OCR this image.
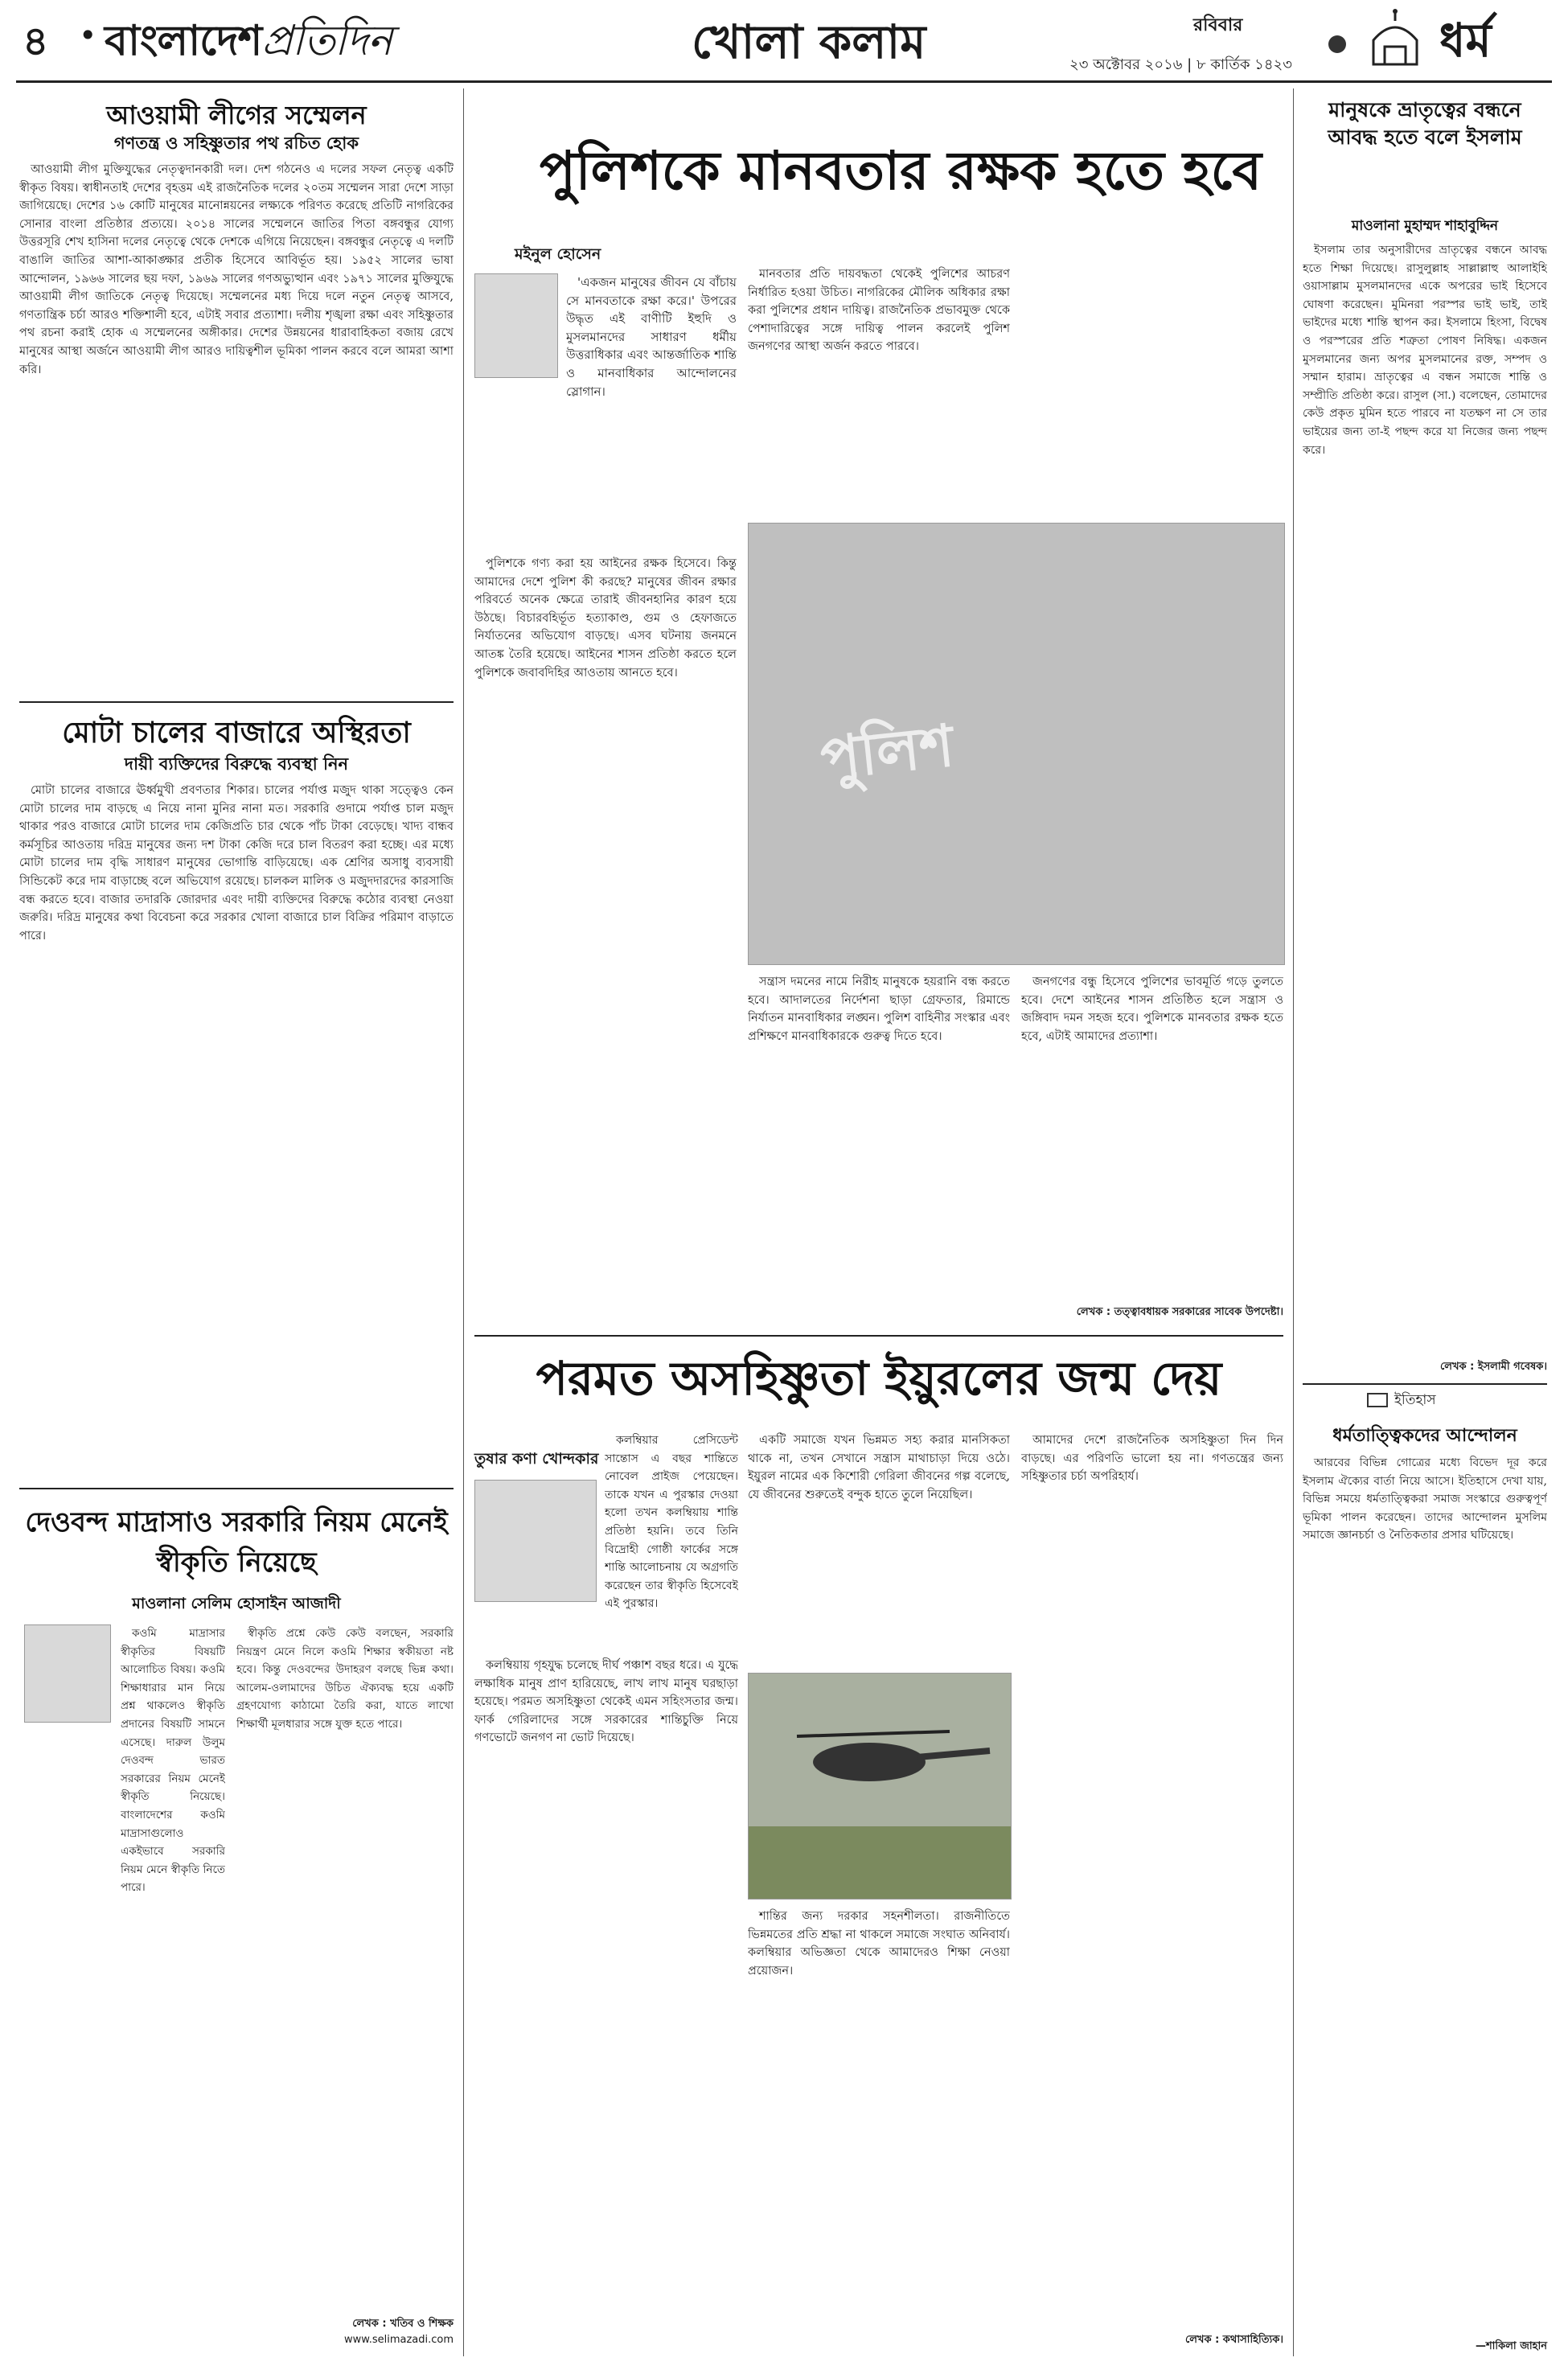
৪ • বাংলাদেশপ্রতিদিন	খোলা কলাম	রবিবার
২৩ অক্টোবর ২০১৬ | ৮ কার্তিক ১৪২৩	ধর্ম
আওয়ামী লীগের সম্মেলন
গণতন্ত্র ও সহিষ্ণুতার পথ রচিত হোক

আওয়ামী লীগ মুক্তিযুদ্ধের নেতৃত্বদানকারী দল। দেশ গঠনেও এ দলের সফল নেতৃত্ব একটি স্বীকৃত বিষয়। স্বাধীনতাই দেশের বৃহত্তম এই রাজনৈতিক দলের ২০তম সম্মেলন সারা দেশে সাড়া জাগিয়েছে। দেশের ১৬ কোটি মানুষের মানোন্নয়নের লক্ষ্যকে পরিণত করেছে প্রতিটি নাগরিকের সোনার বাংলা প্রতিষ্ঠার প্রত্যয়ে। ২০১৪ সালের সম্মেলনে জাতির পিতা বঙ্গবন্ধুর যোগ্য উত্তরসূরি শেখ হাসিনা দলের নেতৃত্বে থেকে দেশকে এগিয়ে নিয়েছেন। বঙ্গবন্ধুর নেতৃত্বে এ দলটি বাঙালি জাতির আশা-আকাঙ্ক্ষার প্রতীক হিসেবে আবির্ভূত হয়। ১৯৫২ সালের ভাষা আন্দোলন, ১৯৬৬ সালের ছয় দফা, ১৯৬৯ সালের গণঅভ্যুত্থান এবং ১৯৭১ সালের মুক্তিযুদ্ধে আওয়ামী লীগ জাতিকে নেতৃত্ব দিয়েছে। সম্মেলনের মধ্য দিয়ে দলে নতুন নেতৃত্ব আসবে, গণতান্ত্রিক চর্চা আরও শক্তিশালী হবে, এটাই সবার প্রত্যাশা। দলীয় শৃঙ্খলা রক্ষা এবং সহিষ্ণুতার পথ রচনা করাই হোক এ সম্মেলনের অঙ্গীকার। দেশের উন্নয়নের ধারাবাহিকতা বজায় রেখে মানুষের আস্থা অর্জনে আওয়ামী লীগ আরও দায়িত্বশীল ভূমিকা পালন করবে বলে আমরা আশা করি।

মোটা চালের বাজারে অস্থিরতা
দায়ী ব্যক্তিদের বিরুদ্ধে ব্যবস্থা নিন

মোটা চালের বাজারে ঊর্ধ্বমুখী প্রবণতার শিকার। চালের পর্যাপ্ত মজুদ থাকা সত্ত্বেও কেন মোটা চালের দাম বাড়ছে এ নিয়ে নানা মুনির নানা মত। সরকারি গুদামে পর্যাপ্ত চাল মজুদ থাকার পরও বাজারে মোটা চালের দাম কেজিপ্রতি চার থেকে পাঁচ টাকা বেড়েছে। খাদ্য বান্ধব কর্মসূচির আওতায় দরিদ্র মানুষের জন্য দশ টাকা কেজি দরে চাল বিতরণ করা হচ্ছে। এর মধ্যে মোটা চালের দাম বৃদ্ধি সাধারণ মানুষের ভোগান্তি বাড়িয়েছে। এক শ্রেণির অসাধু ব্যবসায়ী সিন্ডিকেট করে দাম বাড়াচ্ছে বলে অভিযোগ রয়েছে। চালকল মালিক ও মজুদদারদের কারসাজি বন্ধ করতে হবে। বাজার তদারকি জোরদার এবং দায়ী ব্যক্তিদের বিরুদ্ধে কঠোর ব্যবস্থা নেওয়া জরুরি। দরিদ্র মানুষের কথা বিবেচনা করে সরকার খোলা বাজারে চাল বিক্রির পরিমাণ বাড়াতে পারে।

দেওবন্দ মাদ্রাসাও সরকারি নিয়ম মেনেই স্বীকৃতি নিয়েছে
মাওলানা সেলিম হোসাইন আজাদী

কওমি মাদ্রাসার স্বীকৃতির বিষয়টি আলোচিত বিষয়। কওমি শিক্ষাধারার মান নিয়ে প্রশ্ন থাকলেও স্বীকৃতি প্রদানের বিষয়টি সামনে এসেছে। দারুল উলুম দেওবন্দ ভারত সরকারের নিয়ম মেনেই স্বীকৃতি নিয়েছে। বাংলাদেশের কওমি মাদ্রাসাগুলোও একইভাবে সরকারি নিয়ম মেনে স্বীকৃতি নিতে পারে।

স্বীকৃতি প্রশ্নে কেউ কেউ বলছেন, সরকারি নিয়ন্ত্রণ মেনে নিলে কওমি শিক্ষার স্বকীয়তা নষ্ট হবে। কিন্তু দেওবন্দের উদাহরণ বলছে ভিন্ন কথা। আলেম-ওলামাদের উচিত ঐক্যবদ্ধ হয়ে একটি গ্রহণযোগ্য কাঠামো তৈরি করা, যাতে লাখো শিক্ষার্থী মূলধারার সঙ্গে যুক্ত হতে পারে।

লেখক : খতিব ও শিক্ষক
www.selimazadi.com
পুলিশকে মানবতার রক্ষক হতে হবে
মইনুল হোসেন

'একজন মানুষের জীবন যে বাঁচায় সে মানবতাকে রক্ষা করে।' উপরের উদ্ধৃত এই বাণীটি ইহুদি ও মুসলমানদের সাধারণ ধর্মীয় উত্তরাধিকার এবং আন্তর্জাতিক শান্তি ও মানবাধিকার আন্দোলনের স্লোগান।

পুলিশকে গণ্য করা হয় আইনের রক্ষক হিসেবে। কিন্তু আমাদের দেশে পুলিশ কী করছে? মানুষের জীবন রক্ষার পরিবর্তে অনেক ক্ষেত্রে তারাই জীবনহানির কারণ হয়ে উঠছে। বিচারবহির্ভূত হত্যাকাণ্ড, গুম ও হেফাজতে নির্যাতনের অভিযোগ বাড়ছে। এসব ঘটনায় জনমনে আতঙ্ক তৈরি হয়েছে। আইনের শাসন প্রতিষ্ঠা করতে হলে পুলিশকে জবাবদিহির আওতায় আনতে হবে।

মানবতার প্রতি দায়বদ্ধতা থেকেই পুলিশের আচরণ নির্ধারিত হওয়া উচিত। নাগরিকের মৌলিক অধিকার রক্ষা করা পুলিশের প্রধান দায়িত্ব। রাজনৈতিক প্রভাবমুক্ত থেকে পেশাদারিত্বের সঙ্গে দায়িত্ব পালন করলেই পুলিশ জনগণের আস্থা অর্জন করতে পারবে।

পুলিশ

সন্ত্রাস দমনের নামে নিরীহ মানুষকে হয়রানি বন্ধ করতে হবে। আদালতের নির্দেশনা ছাড়া গ্রেফতার, রিমান্ডে নির্যাতন মানবাধিকার লঙ্ঘন। পুলিশ বাহিনীর সংস্কার এবং প্রশিক্ষণে মানবাধিকারকে গুরুত্ব দিতে হবে।

জনগণের বন্ধু হিসেবে পুলিশের ভাবমূর্তি গড়ে তুলতে হবে। দেশে আইনের শাসন প্রতিষ্ঠিত হলে সন্ত্রাস ও জঙ্গিবাদ দমন সহজ হবে। পুলিশকে মানবতার রক্ষক হতে হবে, এটাই আমাদের প্রত্যাশা।

লেখক : তত্ত্বাবধায়ক সরকারের সাবেক উপদেষ্টা।
পরমত অসহিষ্ণুতা ইয়ুরলের জন্ম দেয়
তুষার কণা খোন্দকার

কলম্বিয়ার প্রেসিডেন্ট সান্তোস এ বছর শান্তিতে নোবেল প্রাইজ পেয়েছেন। তাকে যখন এ পুরস্কার দেওয়া হলো তখন কলম্বিয়ায় শান্তি প্রতিষ্ঠা হয়নি। তবে তিনি বিদ্রোহী গোষ্ঠী ফার্কের সঙ্গে শান্তি আলোচনায় যে অগ্রগতি করেছেন তার স্বীকৃতি হিসেবেই এই পুরস্কার।

কলম্বিয়ায় গৃহযুদ্ধ চলেছে দীর্ঘ পঞ্চাশ বছর ধরে। এ যুদ্ধে লক্ষাধিক মানুষ প্রাণ হারিয়েছে, লাখ লাখ মানুষ ঘরছাড়া হয়েছে। পরমত অসহিষ্ণুতা থেকেই এমন সহিংসতার জন্ম। ফার্ক গেরিলাদের সঙ্গে সরকারের শান্তিচুক্তি নিয়ে গণভোটে জনগণ না ভোট দিয়েছে।

একটি সমাজে যখন ভিন্নমত সহ্য করার মানসিকতা থাকে না, তখন সেখানে সন্ত্রাস মাথাচাড়া দিয়ে ওঠে। ইয়ুরল নামের এক কিশোরী গেরিলা জীবনের গল্প বলেছে, যে জীবনের শুরুতেই বন্দুক হাতে তুলে নিয়েছিল।

শান্তির জন্য দরকার সহনশীলতা। রাজনীতিতে ভিন্নমতের প্রতি শ্রদ্ধা না থাকলে সমাজে সংঘাত অনিবার্য। কলম্বিয়ার অভিজ্ঞতা থেকে আমাদেরও শিক্ষা নেওয়া প্রয়োজন।

আমাদের দেশে রাজনৈতিক অসহিষ্ণুতা দিন দিন বাড়ছে। এর পরিণতি ভালো হয় না। গণতন্ত্রের জন্য সহিষ্ণুতার চর্চা অপরিহার্য।

লেখক : কথাসাহিত্যিক।
মানুষকে ভ্রাতৃত্বের বন্ধনে আবদ্ধ হতে বলে ইসলাম
মাওলানা মুহাম্মদ শাহাবুদ্দিন

ইসলাম তার অনুসারীদের ভ্রাতৃত্বের বন্ধনে আবদ্ধ হতে শিক্ষা দিয়েছে। রাসুলুল্লাহ সাল্লাল্লাহু আলাইহি ওয়াসাল্লাম মুসলমানদের একে অপরের ভাই হিসেবে ঘোষণা করেছেন। মুমিনরা পরস্পর ভাই ভাই, তাই ভাইদের মধ্যে শান্তি স্থাপন কর। ইসলামে হিংসা, বিদ্বেষ ও পরস্পরের প্রতি শত্রুতা পোষণ নিষিদ্ধ। একজন মুসলমানের জন্য অপর মুসলমানের রক্ত, সম্পদ ও সম্মান হারাম। ভ্রাতৃত্বের এ বন্ধন সমাজে শান্তি ও সম্প্রীতি প্রতিষ্ঠা করে। রাসুল (সা.) বলেছেন, তোমাদের কেউ প্রকৃত মুমিন হতে পারবে না যতক্ষণ না সে তার ভাইয়ের জন্য তা-ই পছন্দ করে যা নিজের জন্য পছন্দ করে।

লেখক : ইসলামী গবেষক।
ইতিহাস
ধর্মতাত্ত্বিকদের আন্দোলন

আরবের বিভিন্ন গোত্রের মধ্যে বিভেদ দূর করে ইসলাম ঐক্যের বার্তা নিয়ে আসে। ইতিহাসে দেখা যায়, বিভিন্ন সময়ে ধর্মতাত্ত্বিকরা সমাজ সংস্কারে গুরুত্বপূর্ণ ভূমিকা পালন করেছেন। তাদের আন্দোলন মুসলিম সমাজে জ্ঞানচর্চা ও নৈতিকতার প্রসার ঘটিয়েছে।

—শাকিলা জাহান
